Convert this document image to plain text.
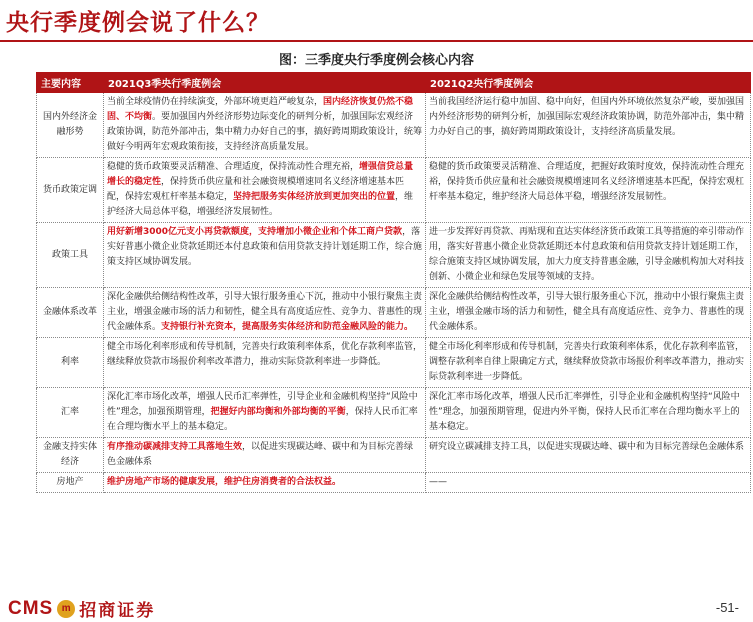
央行季度例会说了什么？
图：三季度央行季度例会核心内容
主要内容	2021Q3季央行季度例会	2021Q2央行季度例会
国内外经济金融形势	当前全球疫情仍在持续演变，外部环境更趋严峻复杂，国内经济恢复仍然不稳固、不均衡。要加强国内外经济形势边际变化的研判分析，加强国际宏观经济政策协调，防范外部冲击，集中精力办好自己的事，搞好跨周期政策设计，统筹做好今明两年宏观政策衔接，支持经济高质量发展。	当前我国经济运行稳中加固、稳中向好，但国内外环境依然复杂严峻，要加强国内外经济形势的研判分析，加强国际宏观经济政策协调，防范外部冲击，集中精力办好自己的事，搞好跨周期政策设计，支持经济高质量发展。
货币政策定调	稳健的货币政策要灵活精准、合理适度，保持流动性合理充裕，增强信贷总量增长的稳定性，保持货币供应量和社会融资规模增速同名义经济增速基本匹配，保持宏观杠杆率基本稳定，坚持把服务实体经济放到更加突出的位置，维护经济大局总体平稳，增强经济发展韧性。	稳健的货币政策要灵活精准、合理适度，把握好政策时度效，保持流动性合理充裕，保持货币供应量和社会融资规模增速同名义经济增速基本匹配，保持宏观杠杆率基本稳定，维护经济大局总体平稳，增强经济发展韧性。
政策工具	用好新增3000亿元支小再贷款额度，支持增加小微企业和个体工商户贷款，落实好普惠小微企业贷款延期还本付息政策和信用贷款支持计划延期工作，综合施策支持区域协调发展。	进一步发挥好再贷款、再贴现和直达实体经济货币政策工具等措施的牵引带动作用，落实好普惠小微企业贷款延期还本付息政策和信用贷款支持计划延期工作，综合施策支持区域协调发展，加大力度支持普惠金融，引导金融机构加大对科技创新、小微企业和绿色发展等领域的支持。
金融体系改革	深化金融供给侧结构性改革，引导大银行服务重心下沉，推动中小银行聚焦主责主业，增强金融市场的活力和韧性，健全具有高度适应性、竞争力、普惠性的现代金融体系。支持银行补充资本，提高服务实体经济和防范金融风险的能力。	深化金融供给侧结构性改革，引导大银行服务重心下沉，推动中小银行聚焦主责主业，增强金融市场的活力和韧性，健全具有高度适应性、竞争力、普惠性的现代金融体系。
利率	健全市场化利率形成和传导机制，完善央行政策利率体系，优化存款利率监管，继续释放贷款市场报价利率改革潜力，推动实际贷款利率进一步降低。	健全市场化利率形成和传导机制，完善央行政策利率体系，优化存款利率监管，调整存款利率自律上限确定方式，继续释放贷款市场报价利率改革潜力，推动实际贷款利率进一步降低。
汇率	深化汇率市场化改革，增强人民币汇率弹性，引导企业和金融机构坚持“风险中性”理念，加强预期管理，把握好内部均衡和外部均衡的平衡，保持人民币汇率在合理均衡水平上的基本稳定。	深化汇率市场化改革，增强人民币汇率弹性，引导企业和金融机构坚持“风险中性”理念，加强预期管理，促进内外平衡，保持人民币汇率在合理均衡水平上的基本稳定。
金融支持实体经济	有序推动碳减排支持工具落地生效，以促进实现碳达峰、碳中和为目标完善绿色金融体系	研究设立碳减排支持工具，以促进实现碳达峰、碳中和为目标完善绿色金融体系
房地产	维护房地产市场的健康发展，维护住房消费者的合法权益。	——
CMS m 招商证券	-51-
